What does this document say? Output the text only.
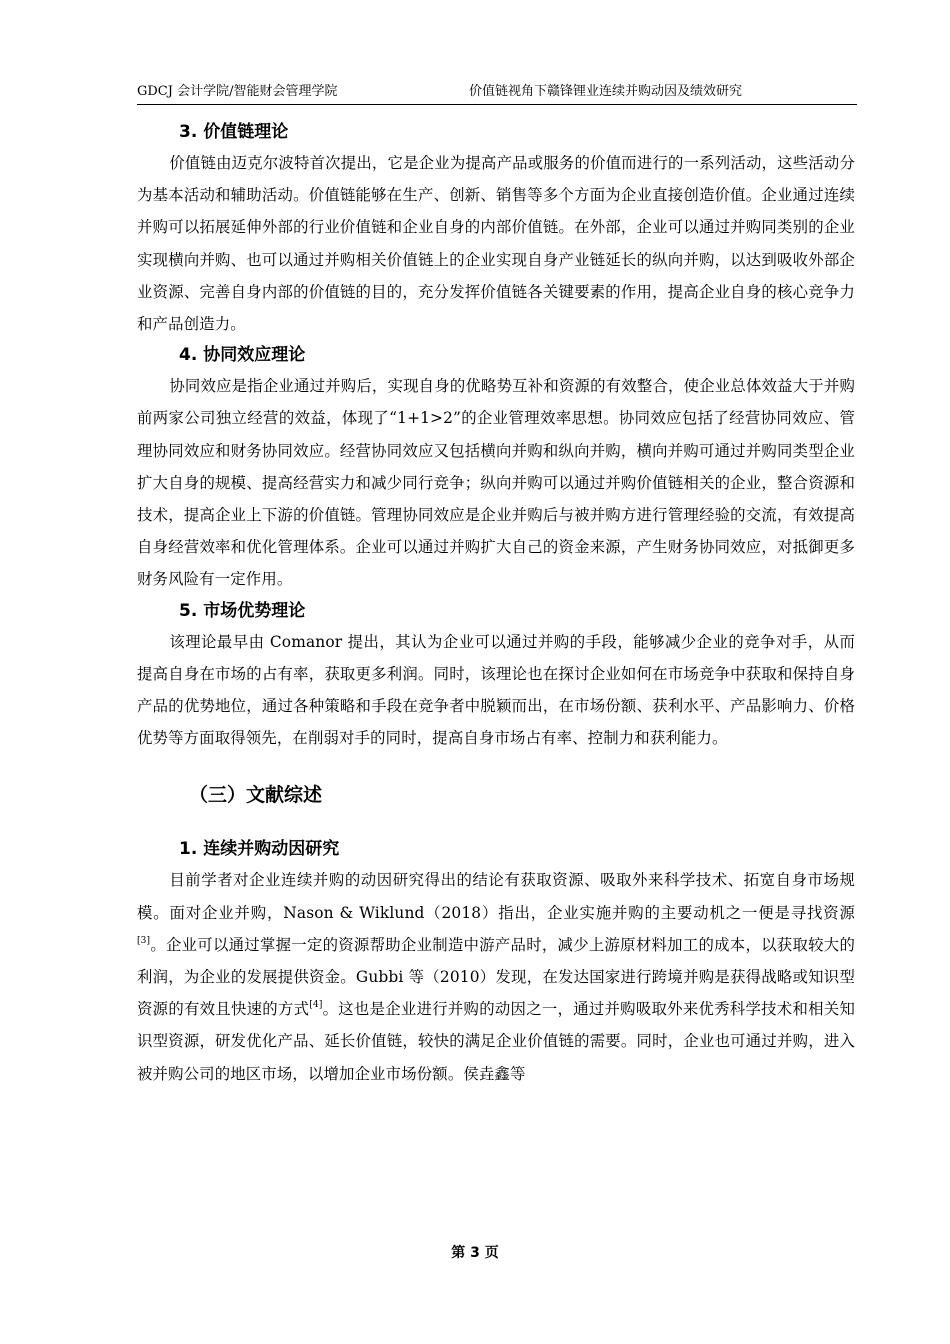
GDCJ 会计学院/智能财会管理学院	价值链视角下赣锋锂业连续并购动因及绩效研究
3. 价值链理论

价值链由迈克尔波特首次提出，它是企业为提高产品或服务的价值而进行的一系列活动，这些活动分为基本活动和辅助活动。价值链能够在生产、创新、销售等多个方面为企业直接创造价值。企业通过连续并购可以拓展延伸外部的行业价值链和企业自身的内部价值链。在外部，企业可以通过并购同类别的企业实现横向并购、也可以通过并购相关价值链上的企业实现自身产业链延长的纵向并购，以达到吸收外部企业资源、完善自身内部的价值链的目的，充分发挥价值链各关键要素的作用，提高企业自身的核心竞争力和产品创造力。

4. 协同效应理论

协同效应是指企业通过并购后，实现自身的优略势互补和资源的有效整合，使企业总体效益大于并购前两家公司独立经营的效益，体现了“1+1>2”的企业管理效率思想。协同效应包括了经营协同效应、管理协同效应和财务协同效应。经营协同效应又包括横向并购和纵向并购，横向并购可通过并购同类型企业扩大自身的规模、提高经营实力和减少同行竞争；纵向并购可以通过并购价值链相关的企业，整合资源和技术，提高企业上下游的价值链。管理协同效应是企业并购后与被并购方进行管理经验的交流，有效提高自身经营效率和优化管理体系。企业可以通过并购扩大自己的资金来源，产生财务协同效应，对抵御更多财务风险有一定作用。

5. 市场优势理论

该理论最早由 Comanor 提出，其认为企业可以通过并购的手段，能够减少企业的竞争对手，从而提高自身在市场的占有率，获取更多利润。同时，该理论也在探讨企业如何在市场竞争中获取和保持自身产品的优势地位，通过各种策略和手段在竞争者中脱颖而出，在市场份额、获利水平、产品影响力、价格优势等方面取得领先，在削弱对手的同时，提高自身市场占有率、控制力和获利能力。

（三）文献综述
1. 连续并购动因研究

目前学者对企业连续并购的动因研究得出的结论有获取资源、吸取外来科学技术、拓宽自身市场规模。面对企业并购，Nason & Wiklund（2018）指出，企业实施并购的主要动机之一便是寻找资源[3]。企业可以通过掌握一定的资源帮助企业制造中游产品时，减少上游原材料加工的成本，以获取较大的利润，为企业的发展提供资金。Gubbi 等（2010）发现，在发达国家进行跨境并购是获得战略或知识型资源的有效且快速的方式[4]。这也是企业进行并购的动因之一，通过并购吸取外来优秀科学技术和相关知识型资源，研发优化产品、延长价值链，较快的满足企业价值链的需要。同时，企业也可通过并购，进入被并购公司的地区市场，以增加企业市场份额。侯垚鑫等

第 3 页
